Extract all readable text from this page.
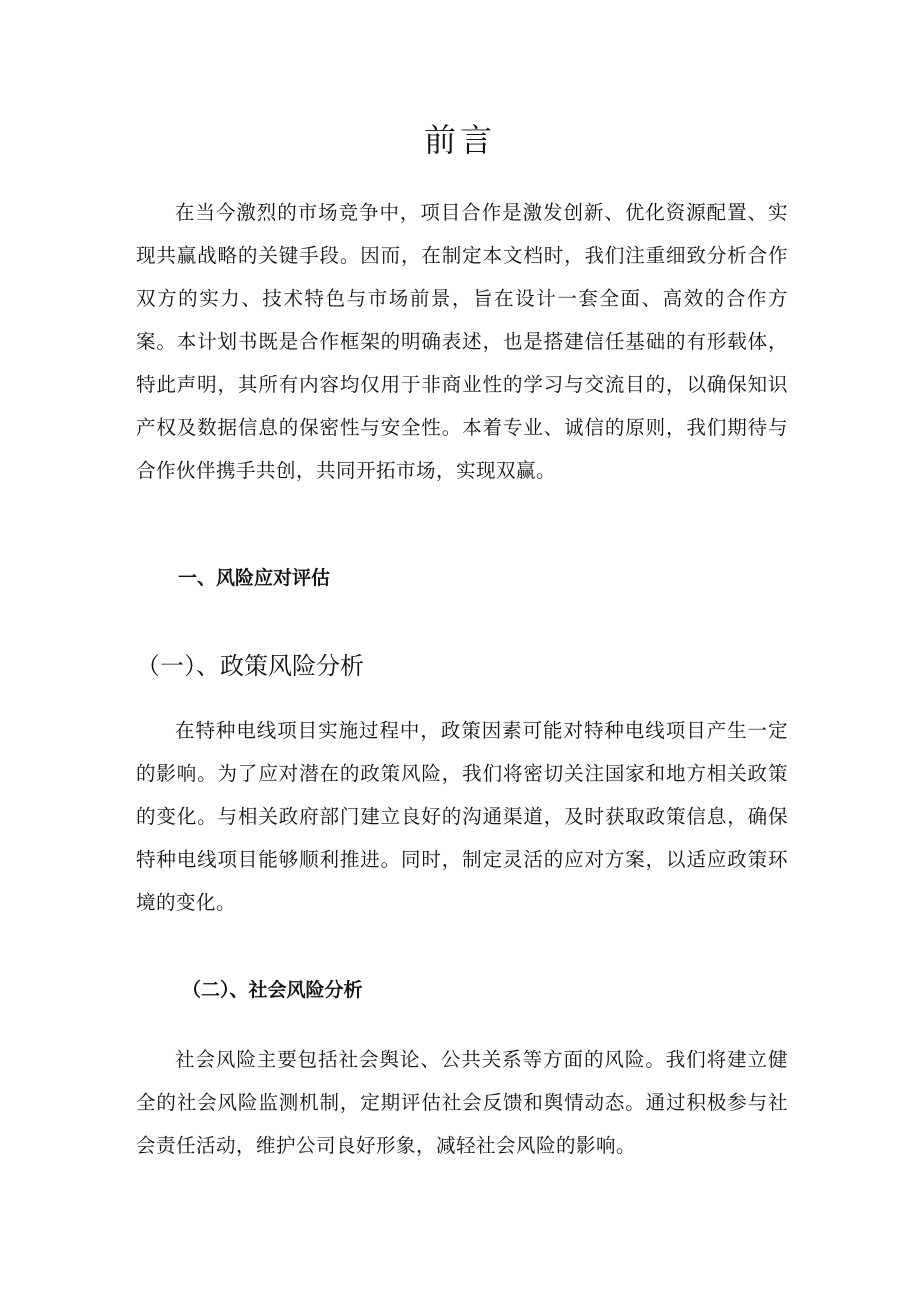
前言

在当今激烈的市场竞争中，项目合作是激发创新、优化资源配置、实现共赢战略的关键手段。因而，在制定本文档时，我们注重细致分析合作双方的实力、技术特色与市场前景，旨在设计一套全面、高效的合作方案。本计划书既是合作框架的明确表述，也是搭建信任基础的有形载体，特此声明，其所有内容均仅用于非商业性的学习与交流目的，以确保知识产权及数据信息的保密性与安全性。本着专业、诚信的原则，我们期待与合作伙伴携手共创，共同开拓市场，实现双赢。

一、风险应对评估
（一）、政策风险分析

在特种电线项目实施过程中，政策因素可能对特种电线项目产生一定的影响。为了应对潜在的政策风险，我们将密切关注国家和地方相关政策的变化。与相关政府部门建立良好的沟通渠道，及时获取政策信息，确保特种电线项目能够顺利推进。同时，制定灵活的应对方案，以适应政策环境的变化。

（二）、社会风险分析

社会风险主要包括社会舆论、公共关系等方面的风险。我们将建立健全的社会风险监测机制，定期评估社会反馈和舆情动态。通过积极参与社会责任活动，维护公司良好形象，减轻社会风险的影响。
